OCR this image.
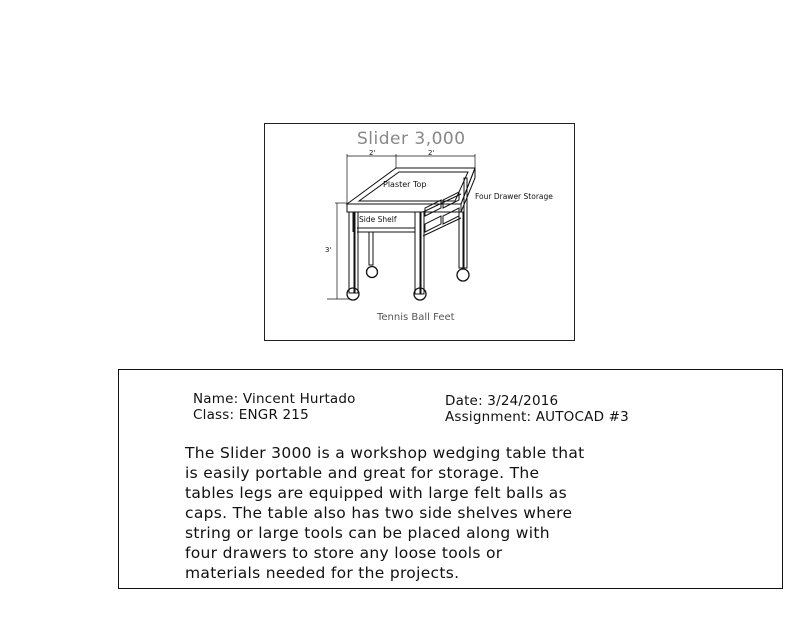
Slider 3,000
2'	2'
3'
Plaster Top
Four Drawer Storage
Side Shelf
Tennis Ball Feet
Name: Vincent Hurtado
Class: ENGR 215
Date: 3/24/2016
Assignment: AUTOCAD #3
The Slider 3000 is a workshop wedging table that
is easily portable and great for storage. The
tables legs are equipped with large felt balls as
caps. The table also has two side shelves where
string or large tools can be placed along with
four drawers to store any loose tools or
materials needed for the projects.
